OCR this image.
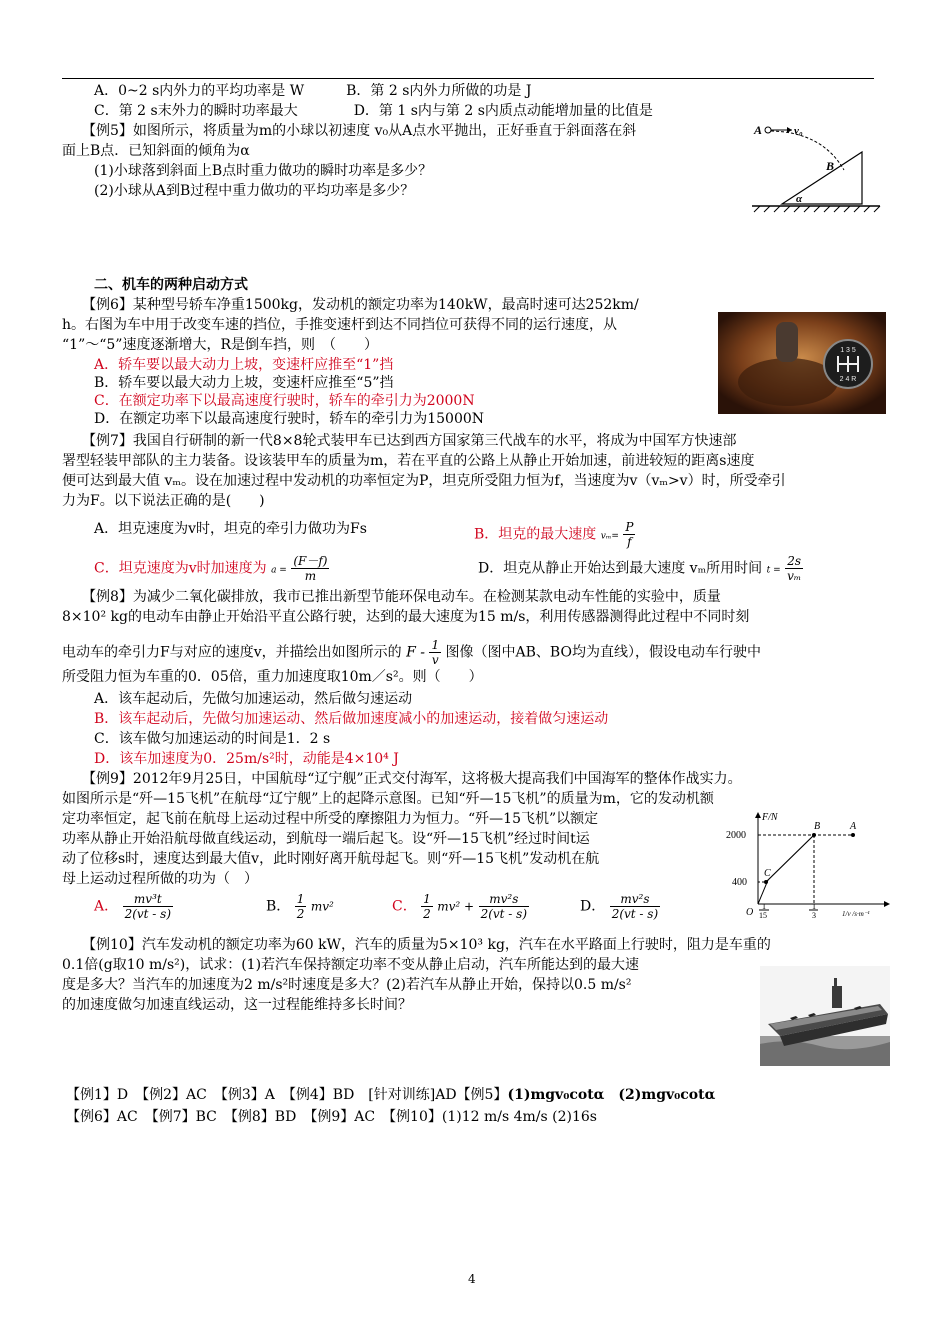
A．0~2 s内外力的平均功率是 W　　　B．第 2 s内外力所做的功是 J
C．第 2 s末外力的瞬时功率最大　　　　D．第 1 s内与第 2 s内质点动能增加量的比值是
【例5】如图所示，将质量为m的小球以初速度 v₀从A点水平抛出，正好垂直于斜面落在斜
面上B点．已知斜面的倾角为α
(1)小球落到斜面上B点时重力做功的瞬时功率是多少？
(2)小球从A到B过程中重力做功的平均功率是多少？
A	v₀
B
α
二、机车的两种启动方式
【例6】某种型号轿车净重1500kg，发动机的额定功率为140kW，最高时速可达252km/
h。右图为车中用于改变车速的挡位，手推变速杆到达不同挡位可获得不同的运行速度，从
“1”～“5”速度逐渐增大，R是倒车挡，则　（　　）
A．轿车要以最大动力上坡，变速杆应推至“1”挡
B．轿车要以最大动力上坡，变速杆应推至“5”挡
C．在额定功率下以最高速度行驶时，轿车的牵引力为2000N
D．在额定功率下以最高速度行驶时，轿车的牵引力为15000N
1 3 5
2 4 R
【例7】我国自行研制的新一代8×8轮式装甲车已达到西方国家第三代战车的水平，将成为中国军方快速部
署型轻装甲部队的主力装备。设该装甲车的质量为m，若在平直的公路上从静止开始加速，前进较短的距离s速度
便可达到最大值 vₘ。设在加速过程中发动机的功率恒定为P，坦克所受阻力恒为f，当速度为v（vₘ>v）时，所受牵引
力为F。以下说法正确的是(　　)
A．坦克速度为v时，坦克的牵引力做功为Fs	B．坦克的最大速度 $v_m= \frac{P}{f}$
C．坦克速度为v时加速度为 $a = \frac{(F-f)}{m}$	D．坦克从静止开始达到最大速度 vₘ所用时间 $t = \frac{2s}{\text{vₘ}}$
【例8】为减少二氧化碳排放，我市已推出新型节能环保电动车。在检测某款电动车性能的实验中，质量
8×10² kg的电动车由静止开始沿平直公路行驶，达到的最大速度为15 m/s，利用传感器测得此过程中不同时刻
电动车的牵引力F与对应的速度v，并描绘出如图所示的 F - $\frac{1}{v}$ 图像（图中AB、BO均为直线），假设电动车行驶中
所受阻力恒为车重的0．05倍，重力加速度取10m／s²。则（　　）
A．该车起动后，先做匀加速运动，然后做匀速运动
B．该车起动后，先做匀加速运动、然后做加速度减小的加速运动，接着做匀速运动
C．该车做匀加速运动的时间是1．2 s
D．该车加速度为0．25m/s²时，动能是4×10⁴ J
【例9】2012年9月25日，中国航母“辽宁舰”正式交付海军，这将极大提高我们中国海军的整体作战实力。
如图所示是“歼—15飞机”在航母“辽宁舰”上的起降示意图。已知“歼—15飞机”的质量为m，它的发动机额
定功率恒定，起飞前在航母上运动过程中所受的摩擦阻力为恒力。“歼—15飞机”以额定
功率从静止开始沿航母做直线运动，到航母一端后起飞。设“歼—15飞机”经过时间t运
动了位移s时，速度达到最大值v，此时刚好离开航母起飞。则“歼—15飞机”发动机在航
母上运动过程所做的功为（　）
F/N
2000
400
O
B	A
C
1
15
1
3	1/v /s·m⁻¹
A． $\frac{\text{mv³t}}{2(vt - s)}$	B． $\frac{1}{2} mv^2$	C． $\frac{1}{2} mv^2 + \frac{\text{mv²s}}{2(vt - s)}$	D． $\frac{\text{mv²s}}{2(vt - s)}$
【例10】汽车发动机的额定功率为60 kW，汽车的质量为5×10³ kg，汽车在水平路面上行驶时，阻力是车重的
0.1倍(g取10 m/s²)，试求：(1)若汽车保持额定功率不变从静止启动，汽车所能达到的最大速
度是多大？当汽车的加速度为2 m/s²时速度是多大？(2)若汽车从静止开始，保持以0.5 m/s²
的加速度做匀加速直线运动，这一过程能维持多长时间？
【例1】D　【例2】AC　【例3】A　【例4】BD　[针对训练]AD【例5】(1)mgv₀cotα　(2)mgv₀cotα
【例6】AC　【例7】BC　【例8】BD　【例9】AC　【例10】(1)12 m/s 4m/s (2)16s
4
